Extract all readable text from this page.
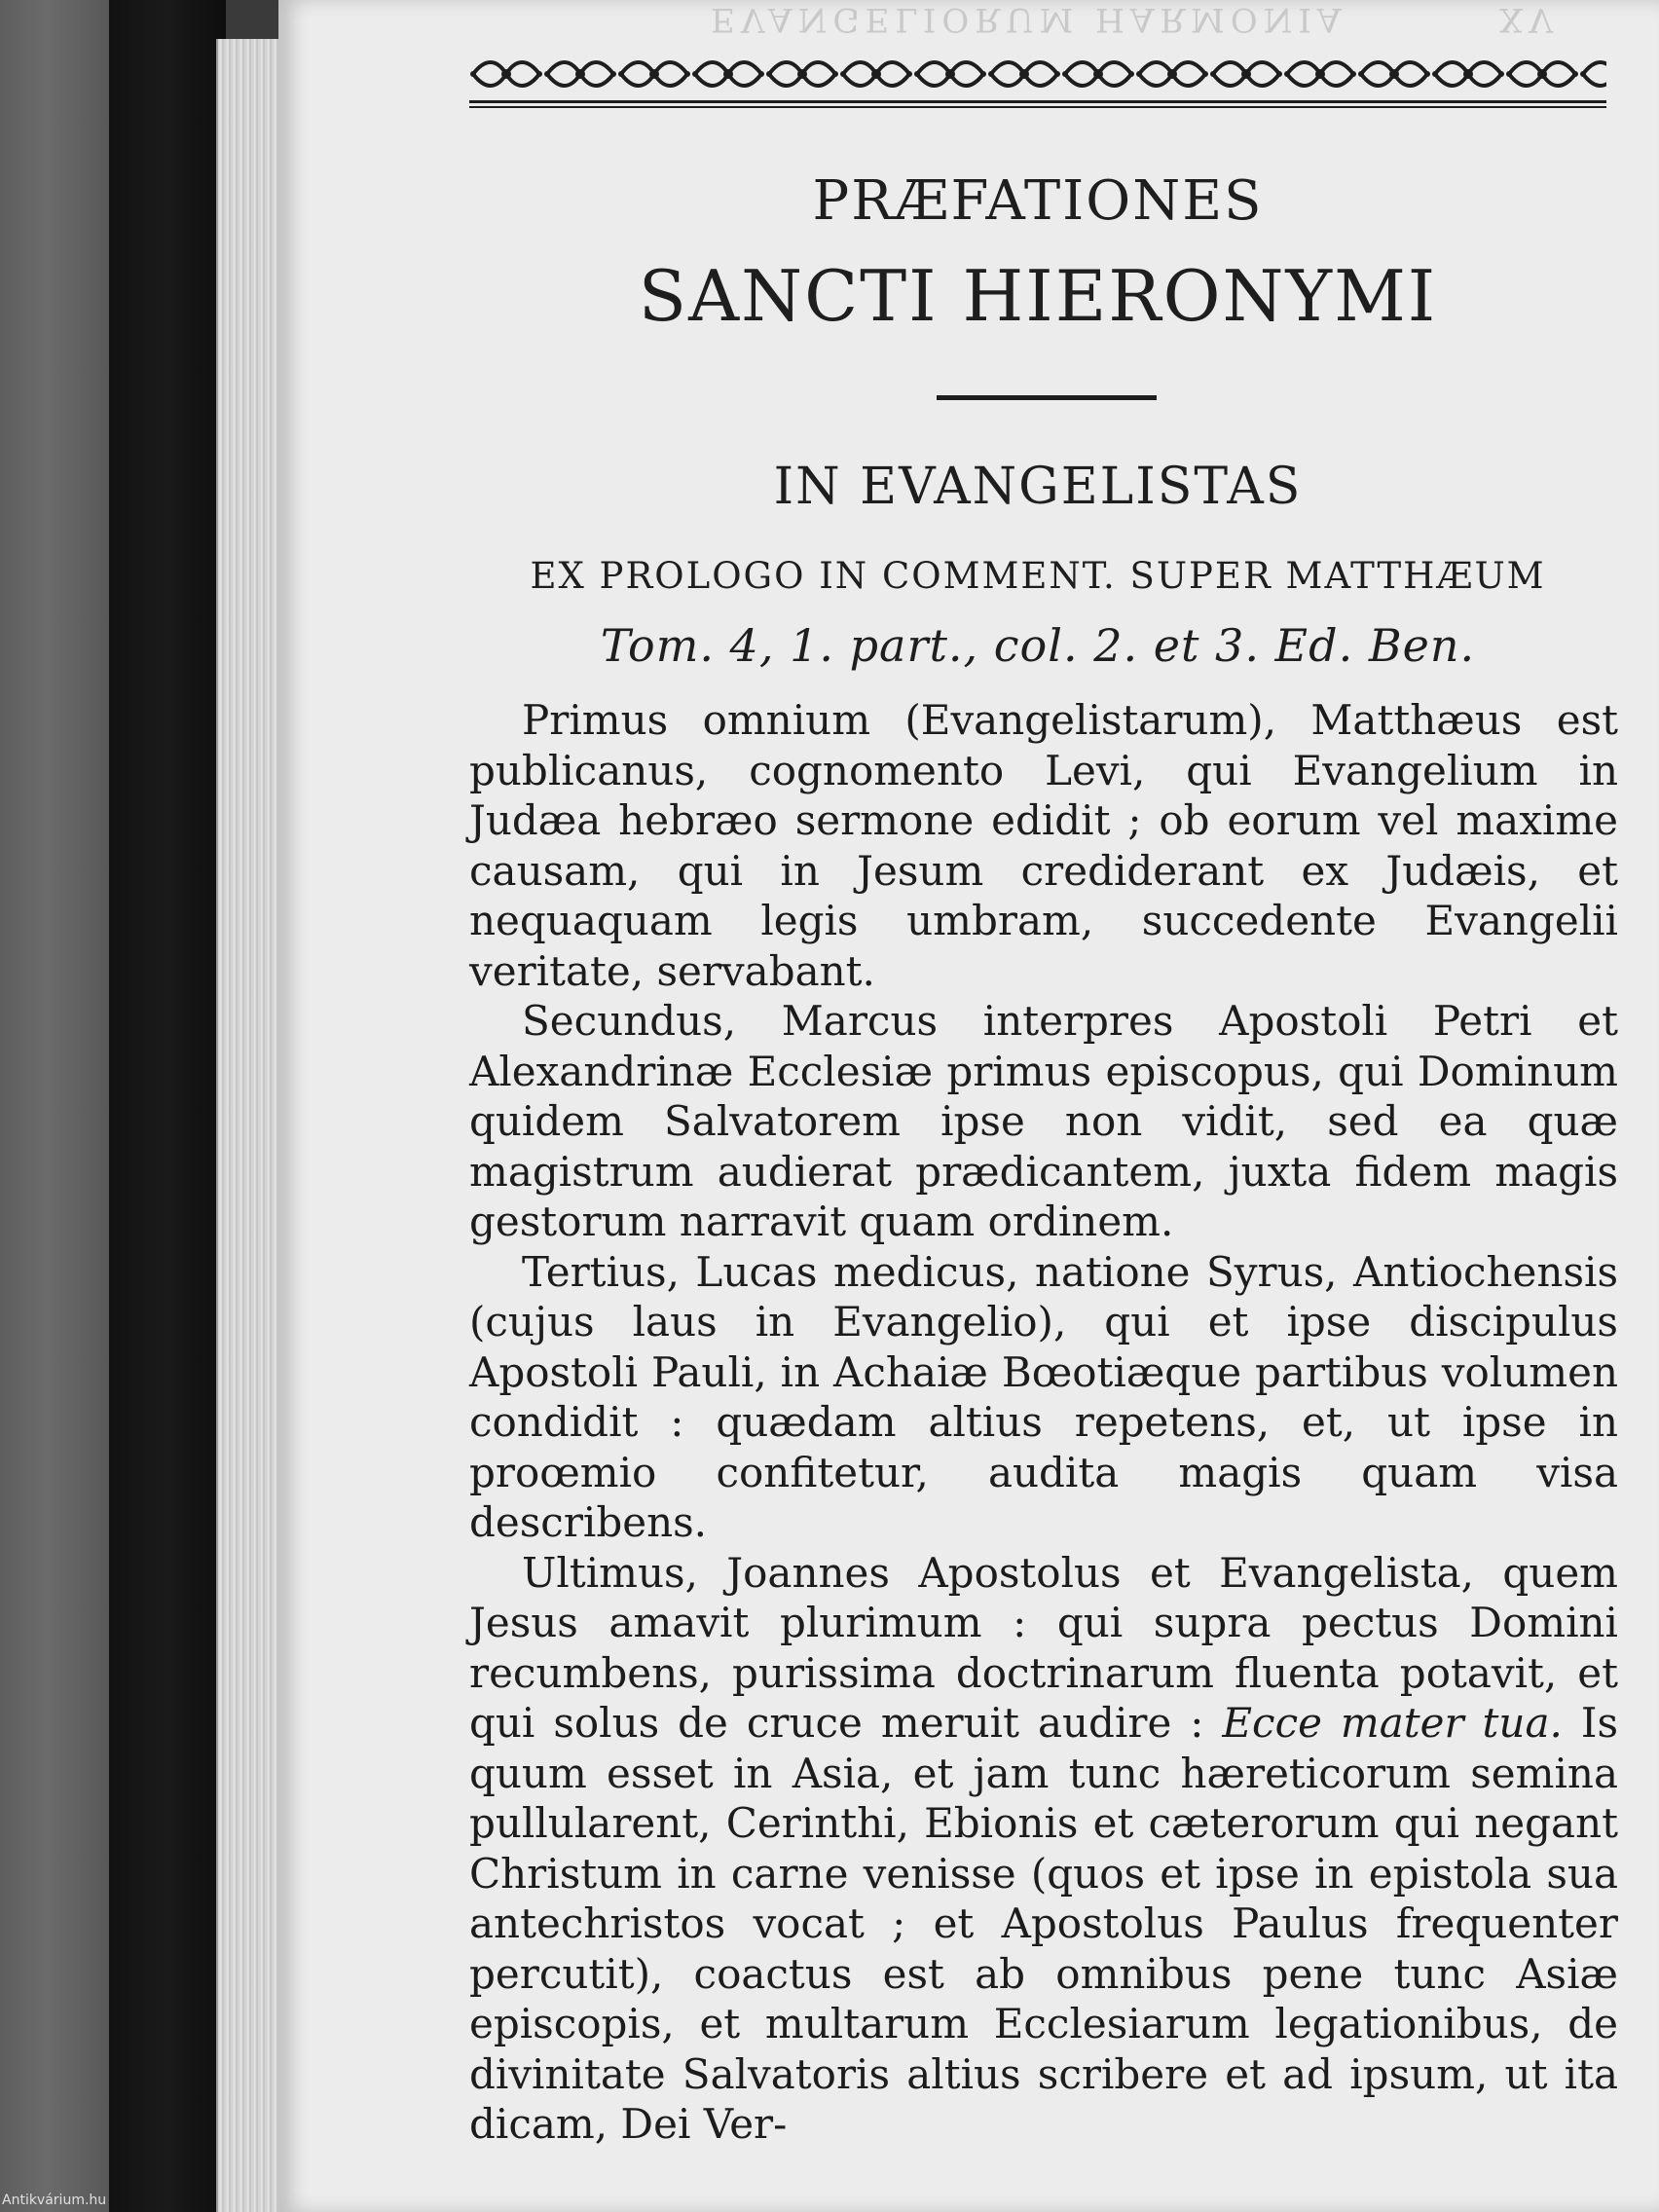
EVANGELIORUM HARMONIA	XV
PRÆFATIONES
SANCTI HIERONYMI
IN EVANGELISTAS
EX PROLOGO IN COMMENT. SUPER MATTHÆUM
Tom. 4, 1. part., col. 2. et 3. Ed. Ben.

Primus omnium (Evangelistarum), Matthæus est publicanus, cognomento Levi, qui Evangelium in Judæa hebræo sermone edidit ; ob eorum vel maxime causam, qui in Jesum crediderant ex Judæis, et nequaquam legis umbram, succedente Evangelii veritate, servabant.

Secundus, Marcus interpres Apostoli Petri et Alexandrinæ Ecclesiæ primus episcopus, qui Dominum quidem Salvatorem ipse non vidit, sed ea quæ magistrum audierat prædicantem, juxta fidem magis gestorum narravit quam ordinem.

Tertius, Lucas medicus, natione Syrus, Antiochensis (cujus laus in Evangelio), qui et ipse discipulus Apostoli Pauli, in Achaiæ Bœotiæque partibus volumen condidit : quædam altius repetens, et, ut ipse in proœmio confitetur, audita magis quam visa describens.

Ultimus, Joannes Apostolus et Evangelista, quem Jesus amavit plurimum : qui supra pectus Domini recumbens, purissima doctrinarum fluenta potavit, et qui solus de cruce meruit audire : Ecce mater tua. Is quum esset in Asia, et jam tunc hæreticorum semina pullularent, Cerinthi, Ebionis et cæterorum qui negant Christum in carne venisse (quos et ipse in epistola sua antechristos vocat ; et Apostolus Paulus frequenter percutit), coactus est ab omnibus pene tunc Asiæ episcopis, et multarum Ecclesiarum legationibus, de divinitate Salvatoris altius scribere et ad ipsum, ut ita dicam, Dei Ver-

Antikvárium.hu
